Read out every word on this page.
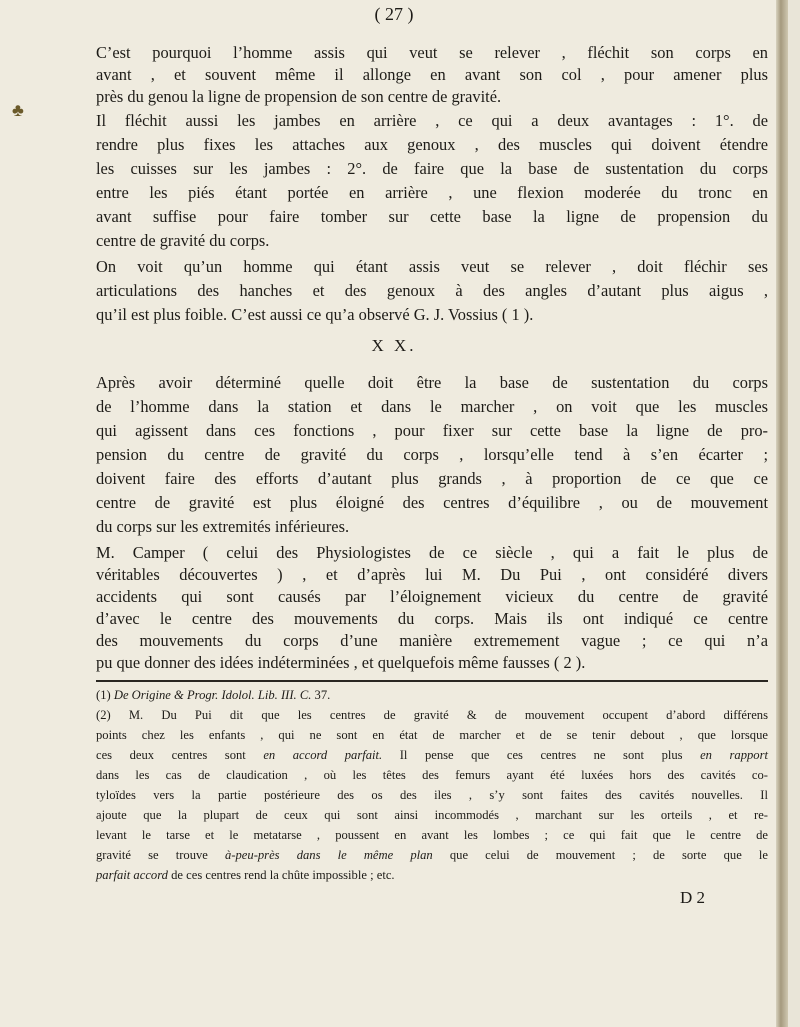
♣
( 27 )
C’est pourquoi l’homme assis qui veut se relever , fléchit son corps en
avant , et souvent même il allonge en avant son col , pour amener plus
près du genou la ligne de propension de son centre de gravité.
Il fléchit aussi les jambes en arrière , ce qui a deux avantages : 1°. de
rendre plus fixes les attaches aux genoux , des muscles qui doivent étendre
les cuisses sur les jambes : 2°. de faire que la base de sustentation du corps
entre les piés étant portée en arrière , une flexion moderée du tronc en
avant suffise pour faire tomber sur cette base la ligne de propension du
centre de gravité du corps.
On voit qu’un homme qui étant assis veut se relever , doit fléchir ses
articulations des hanches et des genoux à des angles d’autant plus aigus ,
qu’il est plus foible. C’est aussi ce qu’a observé G. J. Vossius ( 1 ).
X X.
Après avoir déterminé quelle doit être la base de sustentation du corps
de l’homme dans la station et dans le marcher , on voit que les muscles
qui agissent dans ces fonctions , pour fixer sur cette base la ligne de pro-
pension du centre de gravité du corps , lorsqu’elle tend à s’en écarter ;
doivent faire des efforts d’autant plus grands , à proportion de ce que ce
centre de gravité est plus éloigné des centres d’équilibre , ou de mouvement
du corps sur les extremités inférieures.
M. Camper ( celui des Physiologistes de ce siècle , qui a fait le plus de
véritables découvertes ) , et d’après lui M. Du Pui , ont considéré divers
accidents qui sont causés par l’éloignement vicieux du centre de gravité
d’avec le centre des mouvements du corps. Mais ils ont indiqué ce centre
des mouvements du corps d’une manière extremement vague ; ce qui n’a
pu que donner des idées indéterminées , et quelquefois même fausses ( 2 ).
(1) De Origine & Progr. Idolol. Lib. III. C. 37.
(2) M. Du Pui dit que les centres de gravité & de mouvement occupent d’abord différens
points chez les enfants , qui ne sont en état de marcher et de se tenir debout , que lorsque
ces deux centres sont en accord parfait. Il pense que ces centres ne sont plus en rapport
dans les cas de claudication , où les têtes des femurs ayant été luxées hors des cavités co-
tyloïdes vers la partie postérieure des os des iles , s’y sont faites des cavités nouvelles. Il
ajoute que la plupart de ceux qui sont ainsi incommodés , marchant sur les orteils , et re-
levant le tarse et le metatarse , poussent en avant les lombes ; ce qui fait que le centre de
gravité se trouve à-peu-près dans le même plan que celui de mouvement ; de sorte que le
parfait accord de ces centres rend la chûte impossible ; etc.
D 2
